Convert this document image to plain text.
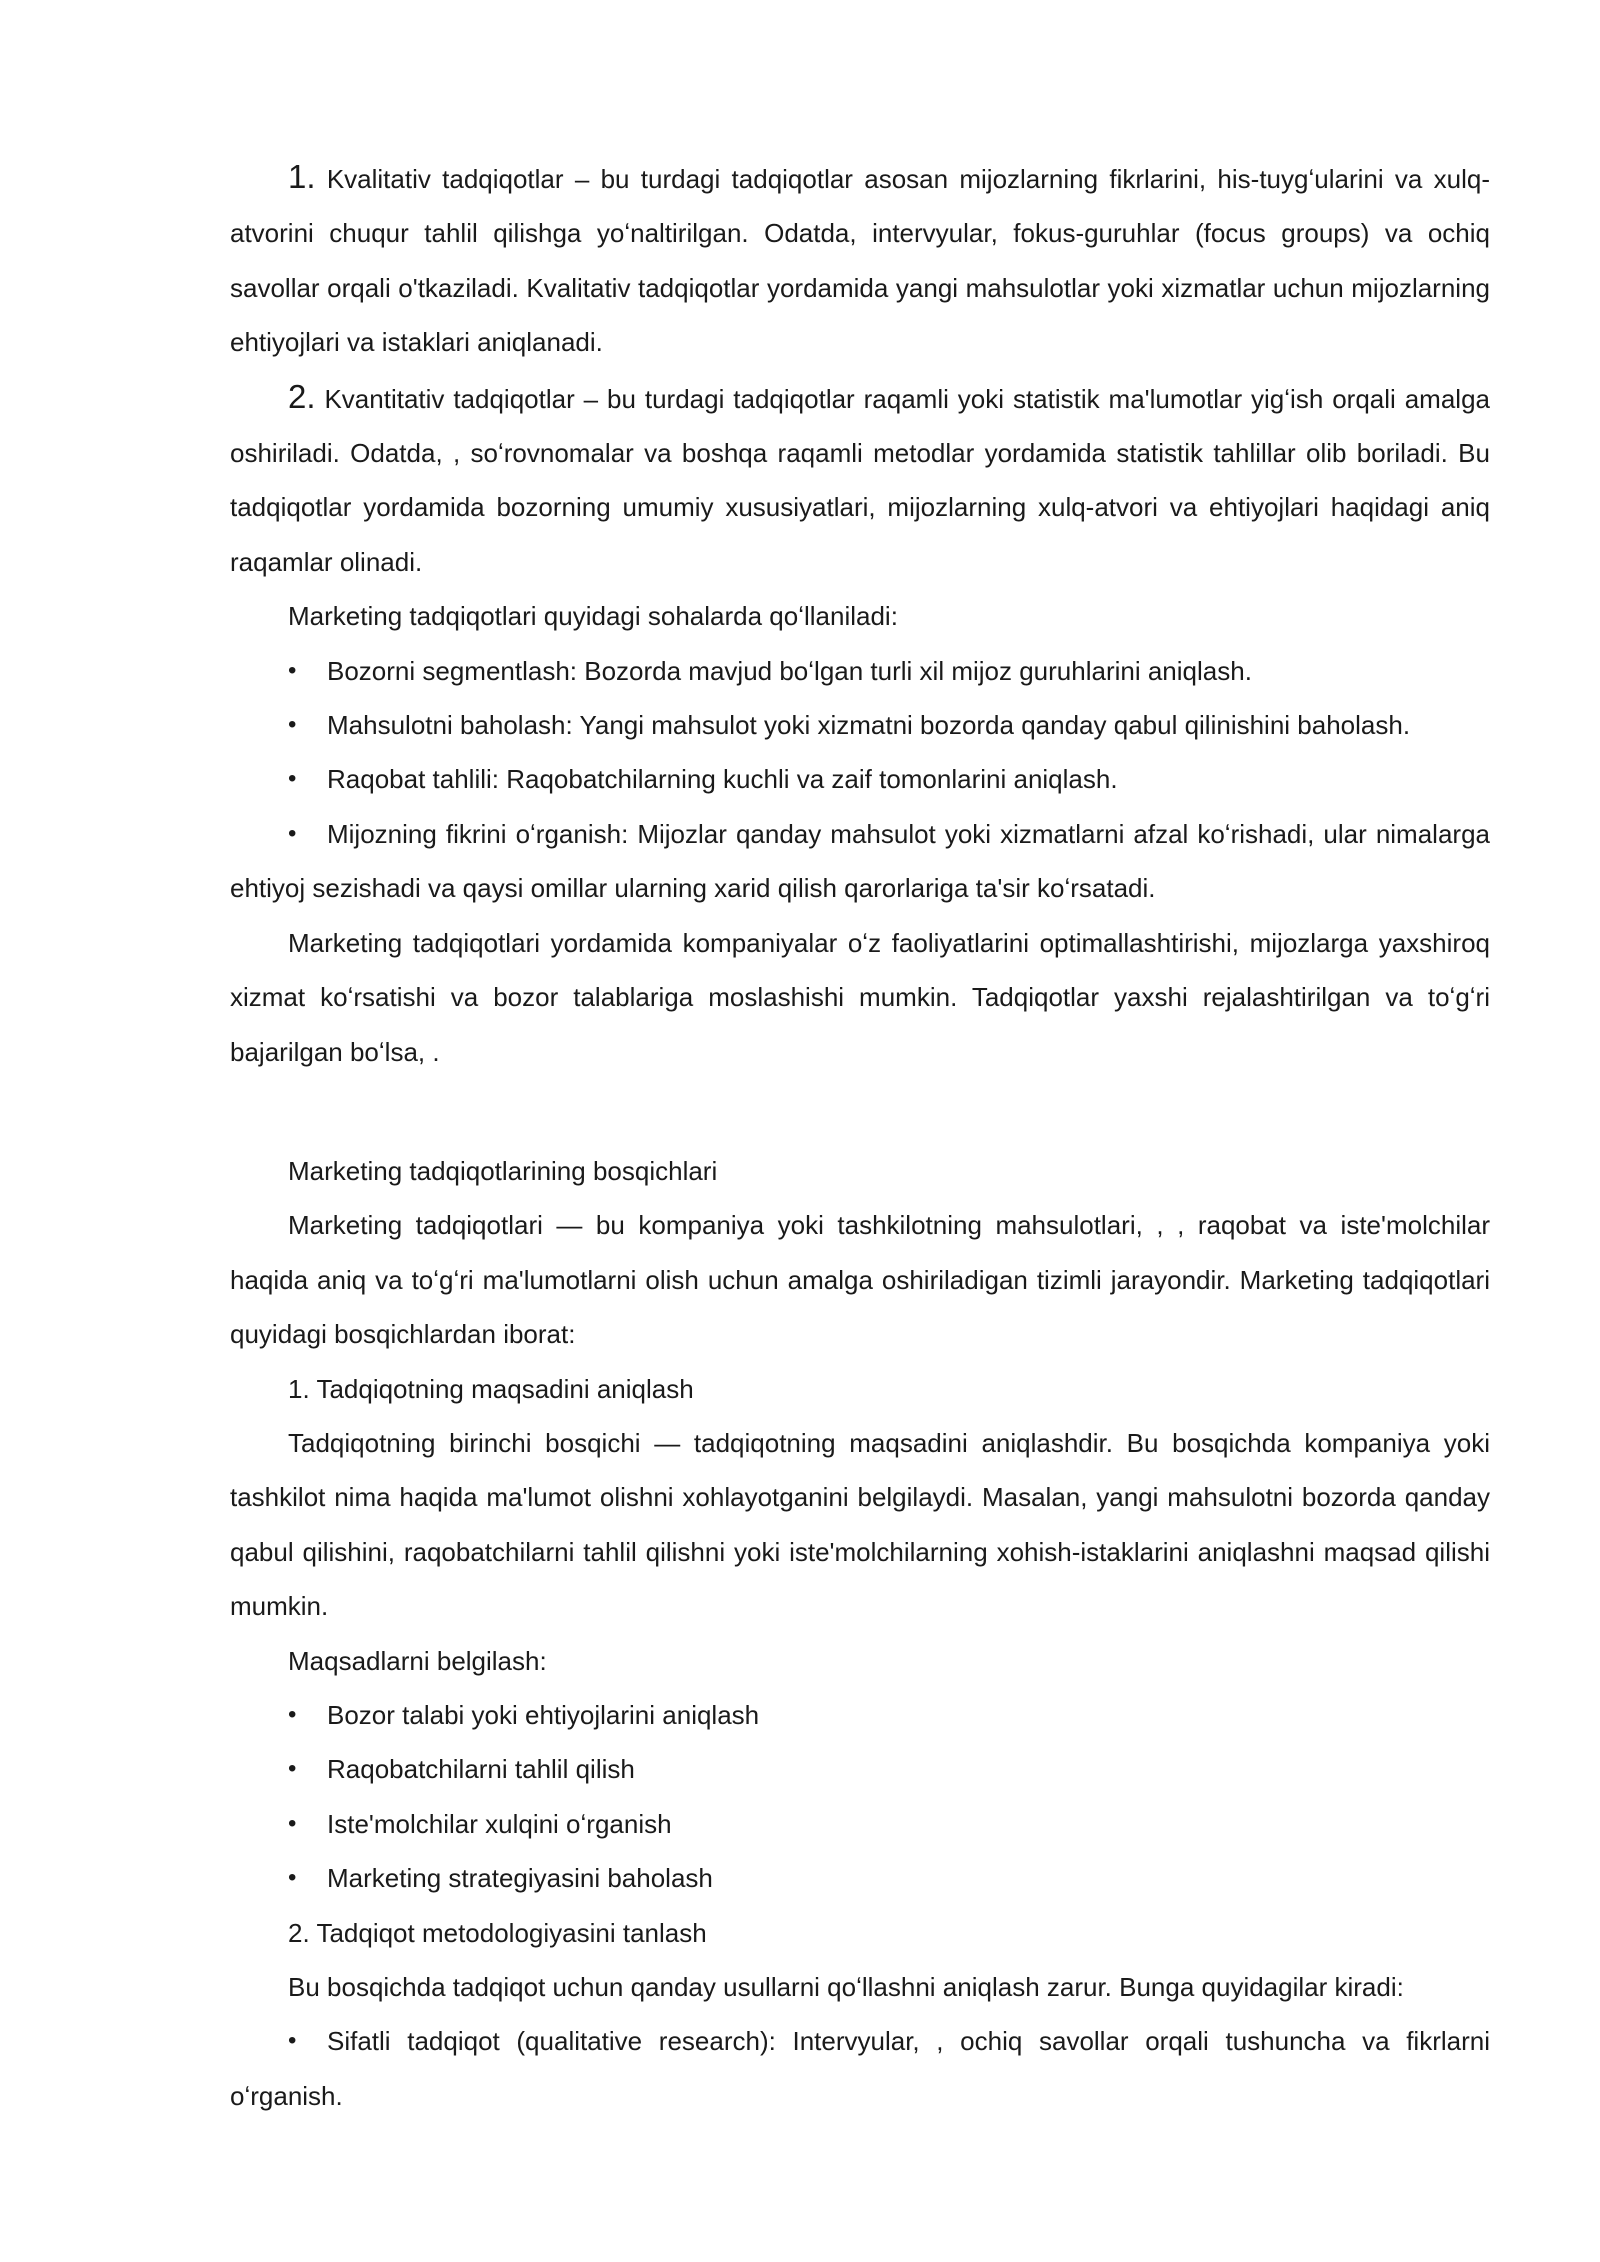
1. Kvalitativ tadqiqotlar – bu turdagi tadqiqotlar asosan mijozlarning fikrlarini, his-tuygʻularini va xulq-atvorini chuqur tahlil qilishga yoʻnaltirilgan. Odatda, intervyular, fokus-guruhlar (focus groups) va ochiq savollar orqali o'tkaziladi. Kvalitativ tadqiqotlar yordamida yangi mahsulotlar yoki xizmatlar uchun mijozlarning ehtiyojlari va istaklari aniqlanadi.

2. Kvantitativ tadqiqotlar – bu turdagi tadqiqotlar raqamli yoki statistik ma'lumotlar yigʻish orqali amalga oshiriladi. Odatda, , soʻrovnomalar va boshqa raqamli metodlar yordamida statistik tahlillar olib boriladi. Bu tadqiqotlar yordamida bozorning umumiy xususiyatlari, mijozlarning xulq-atvori va ehtiyojlari haqidagi aniq raqamlar olinadi.

Marketing tadqiqotlari quyidagi sohalarda qoʻllaniladi:

• Bozorni segmentlash: Bozorda mavjud boʻlgan turli xil mijoz guruhlarini aniqlash.

• Mahsulotni baholash: Yangi mahsulot yoki xizmatni bozorda qanday qabul qilinishini baholash.

• Raqobat tahlili: Raqobatchilarning kuchli va zaif tomonlarini aniqlash.

• Mijozning fikrini oʻrganish: Mijozlar qanday mahsulot yoki xizmatlarni afzal koʻrishadi, ular nimalarga ehtiyoj sezishadi va qaysi omillar ularning xarid qilish qarorlariga ta'sir koʻrsatadi.

Marketing tadqiqotlari yordamida kompaniyalar oʻz faoliyatlarini optimallashtirishi, mijozlarga yaxshiroq xizmat koʻrsatishi va bozor talablariga moslashishi mumkin. Tadqiqotlar yaxshi rejalashtirilgan va toʻgʻri bajarilgan boʻlsa, .

Marketing tadqiqotlarining bosqichlari

Marketing tadqiqotlari — bu kompaniya yoki tashkilotning mahsulotlari, , , raqobat va iste'molchilar haqida aniq va toʻgʻri ma'lumotlarni olish uchun amalga oshiriladigan tizimli jarayondir. Marketing tadqiqotlari quyidagi bosqichlardan iborat:

1. Tadqiqotning maqsadini aniqlash

Tadqiqotning birinchi bosqichi — tadqiqotning maqsadini aniqlashdir. Bu bosqichda kompaniya yoki tashkilot nima haqida ma'lumot olishni xohlayotganini belgilaydi. Masalan, yangi mahsulotni bozorda qanday qabul qilishini, raqobatchilarni tahlil qilishni yoki iste'molchilarning xohish-istaklarini aniqlashni maqsad qilishi mumkin.

Maqsadlarni belgilash:

• Bozor talabi yoki ehtiyojlarini aniqlash

• Raqobatchilarni tahlil qilish

• Iste'molchilar xulqini oʻrganish

• Marketing strategiyasini baholash

2. Tadqiqot metodologiyasini tanlash

Bu bosqichda tadqiqot uchun qanday usullarni qoʻllashni aniqlash zarur. Bunga quyidagilar kiradi:

• Sifatli tadqiqot (qualitative research): Intervyular, , ochiq savollar orqali tushuncha va fikrlarni oʻrganish.
